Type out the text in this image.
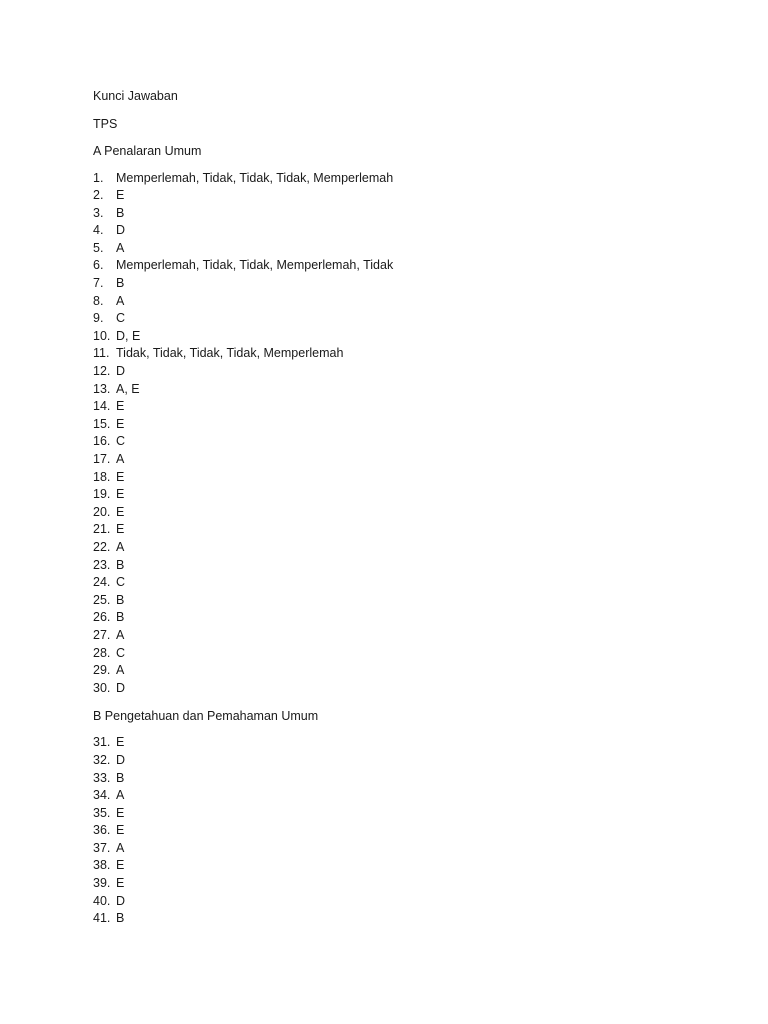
Kunci Jawaban

TPS

A Penalaran Umum

1.	Memperlemah, Tidak, Tidak, Tidak, Memperlemah
2.	E
3.	B
4.	D
5.	A
6.	Memperlemah, Tidak, Tidak, Memperlemah, Tidak
7.	B
8.	A
9.	C
10. D, E
11. Tidak, Tidak, Tidak, Tidak, Memperlemah
12. D
13. A, E
14. E
15. E
16. C
17. A
18. E
19. E
20. E
21. E
22. A
23. B
24. C
25. B
26. B
27. A
28. C
29. A
30. D

B Pengetahuan dan Pemahaman Umum

31. E
32. D
33. B
34. A
35. E
36. E
37. A
38. E
39. E
40. D
41. B
